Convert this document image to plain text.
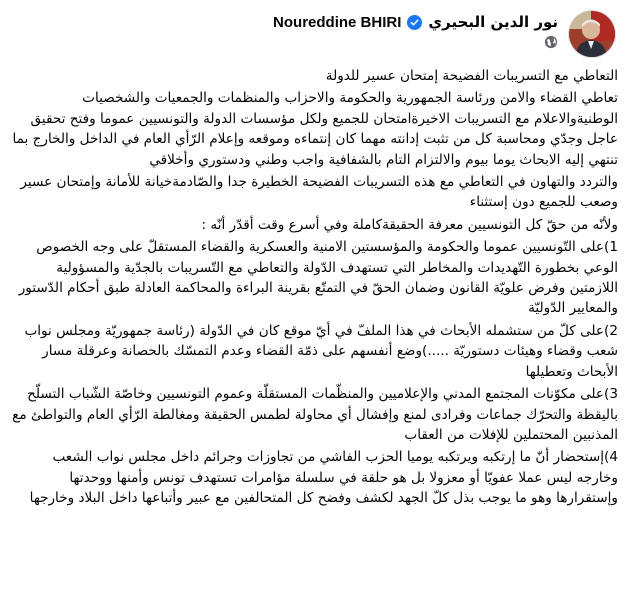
نور الدين البحيري
Noureddine BHIRI

التعاطي مع التسريبات الفضيحة إمتحان عسير للدولة

تعاطي القضاء والامن ورئاسة الجمهورية والحكومة والاحزاب والمنظمات والجمعيات والشخصيات الوطنيةوالاعلام مع التسريبات الاخيرةامتحان للجميع ولكل مؤسسات الدولة والتونسيين عموما وفتح تحقيق عاجل وجدّي ومحاسبة كل من تثبت إدانته مهما كان إنتماءه وموقعه وإعلام الرّأي العام في الداخل والخارج بما تنتهي إليه الابحاث يوما بيوم والالتزام التام بالشفافية واجب وطني ودستوري وأخلاقي

والتردد والتهاون في التعاطي مع هذه التسريبات الفضيحة الخطيرة جدا والصّادمةخيانة للأمانة وإمتحان عسير وصعب للجميع دون إستثناء

ولأنّه من حقّ كل التونسيين معرفة الحقيقةكاملة وفي أسرع وقت أقدّر أنّه :

1)على التّونسيين عموما والحكومة والمؤسستين الامنية والعسكرية والقضاء المستقلّ على وجه الخصوص الوعي بخطورة التّهديدات والمخاطر التي تستهدف الدّولة والتعاطي مع التّسريبات بالجدّية والمسؤولية اللازمتين وفرض علويّة القانون وضمان الحقّ في التمتّع بقرينة البراءة والمحاكمة العادلة طبق أحكام الدّستور والمعايير الدّوليّة

2)على كلّ من ستشمله الأبحاث في هذا الملفّ في أيّ موقع كان في الدّولة (رئاسة جمهوريّة ومجلس نواب شعب وقضاء وهيئات دستوريّة .....)وضع أنفسهم على ذمّة القضاء وعدم التمسّك بالحصانة وعرقلة مسار الأبحاث وتعطيلها

3)على مكوّنات المجتمع المدني والإعلاميين والمنظّمات المستقلّة وعموم التونسيين وخاصّة الشّباب التسلّح باليقظة والتحرّك جماعات وفرادى لمنع وإفشال أي محاولة لطمس الحقيقة ومغالطة الرّأي العام والتواطئ مع المذنبين المحتملين للإفلات من العقاب

4)إستحضار أنّ ما إرتكبه ويرتكبه يوميا الحزب الفاشي من تجاوزات وجرائم داخل مجلس نواب الشعب وخارجه ليس عملا عفويّا أو معزولا بل هو حلقة في سلسلة مؤامرات تستهدف تونس وأمنها ووحدتها وإستقرارها وهو ما يوجب بذل كلّ الجهد لكشف وفضح كل المتحالفين مع عبير وأتباعها داخل البلاد وخارجها
